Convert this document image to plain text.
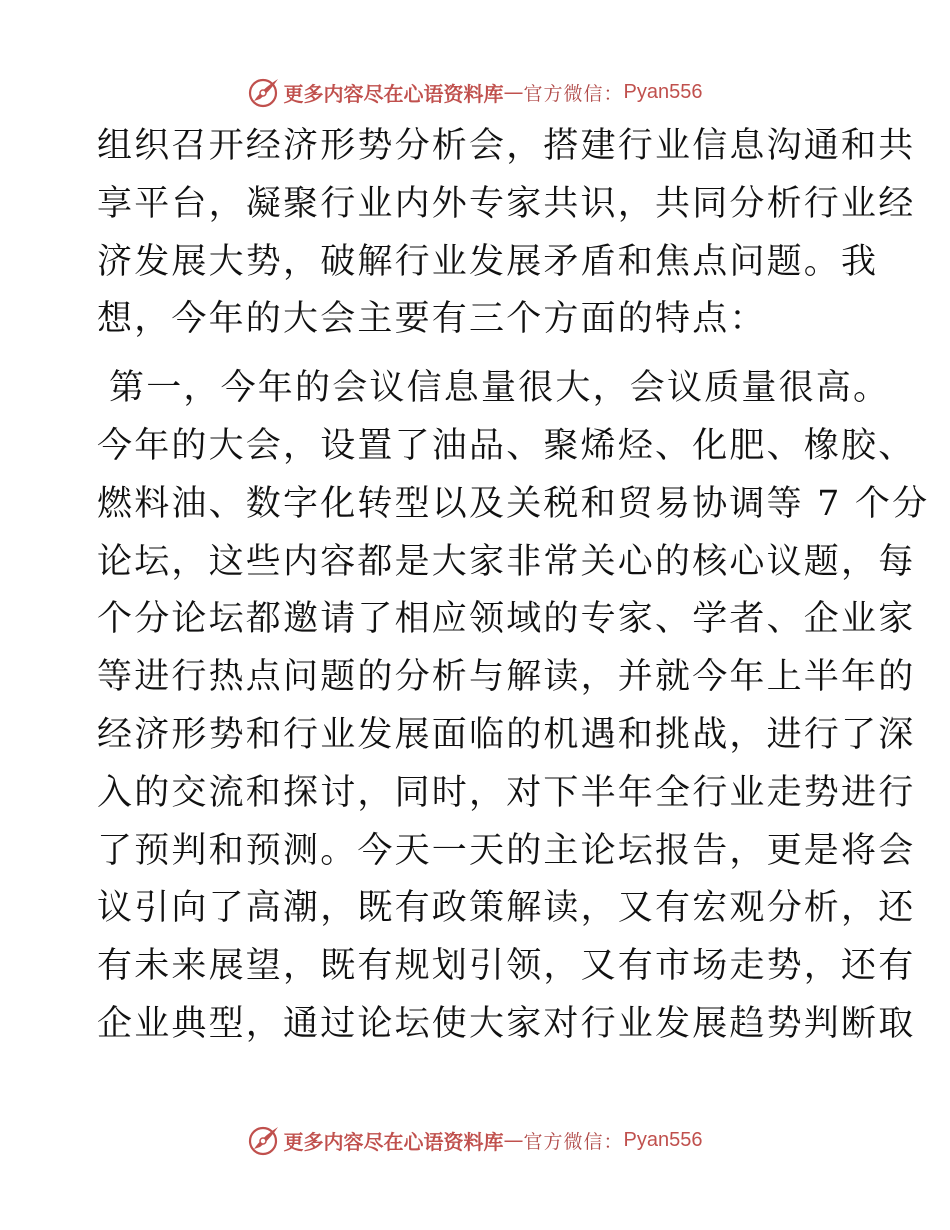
更多内容尽在心语资料库 — 官方微信： Pyan556
组织召开经济形势分析会，搭建行业信息沟通和共
享平台，凝聚行业内外专家共识，共同分析行业经
济发展大势，破解行业发展矛盾和焦点问题。我
想，今年的大会主要有三个方面的特点：
第一，今年的会议信息量很大，会议质量很高。
今年的大会，设置了油品、聚烯烃、化肥、橡胶、
燃料油、数字化转型以及关税和贸易协调等 7 个分
论坛，这些内容都是大家非常关心的核心议题，每
个分论坛都邀请了相应领域的专家、学者、企业家
等进行热点问题的分析与解读，并就今年上半年的
经济形势和行业发展面临的机遇和挑战，进行了深
入的交流和探讨，同时，对下半年全行业走势进行
了预判和预测。今天一天的主论坛报告，更是将会
议引向了高潮，既有政策解读，又有宏观分析，还
有未来展望，既有规划引领，又有市场走势，还有
企业典型，通过论坛使大家对行业发展趋势判断取
更多内容尽在心语资料库 — 官方微信： Pyan556
